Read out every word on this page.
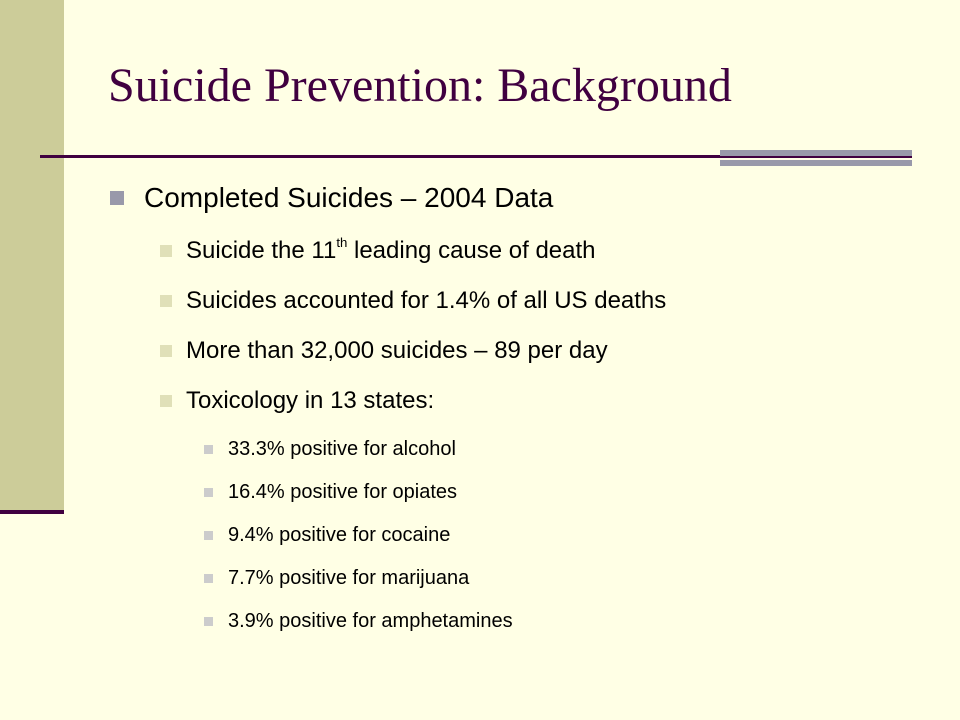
Suicide Prevention: Background
Completed Suicides – 2004 Data
Suicide the 11th leading cause of death
Suicides accounted for 1.4% of all US deaths
More than 32,000 suicides – 89 per day
Toxicology in 13 states:
33.3% positive for alcohol
16.4% positive for opiates
9.4% positive for cocaine
7.7% positive for marijuana
3.9% positive for amphetamines
